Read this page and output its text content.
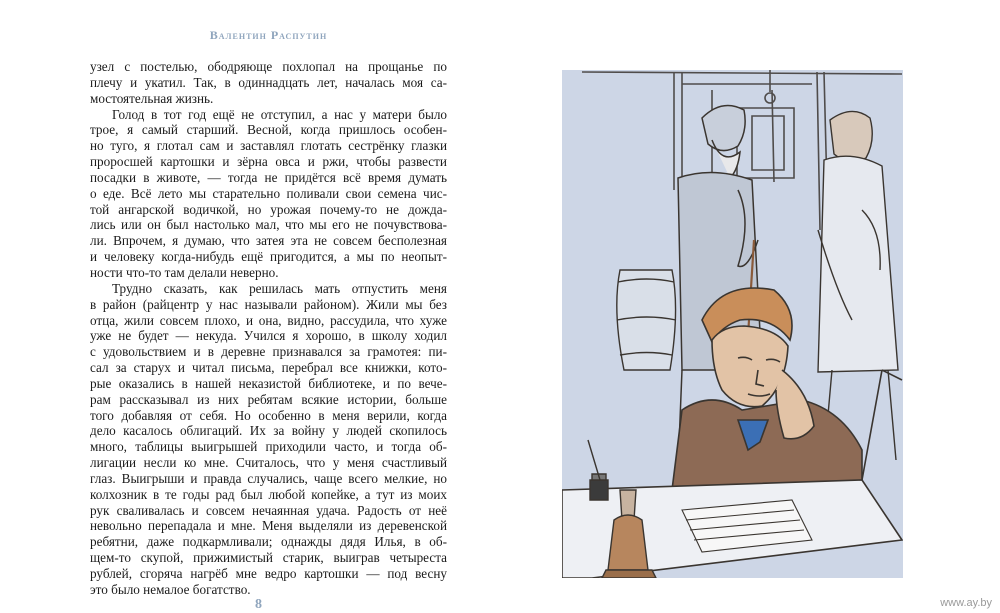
Валентин Распутин

узел с постелью, ободряюще похлопал на прощанье по
плечу и укатил. Так, в одиннадцать лет, началась моя са-
мостоятельная жизнь.

Голод в тот год ещё не отступил, а нас у матери было
трое, я самый старший. Весной, когда пришлось особен-
но туго, я глотал сам и заставлял глотать сестрёнку глазки
проросшей картошки и зёрна овса и ржи, чтобы развести
посадки в животе, — тогда не придётся всё время думать
о еде. Всё лето мы старательно поливали свои семена чис-
той ангарской водичкой, но урожая почему-то не дожда-
лись или он был настолько мал, что мы его не почувствова-
ли. Впрочем, я думаю, что затея эта не совсем бесполезная
и человеку когда-нибудь ещё пригодится, а мы по неопыт-
ности что-то там делали неверно.

Трудно сказать, как решилась мать отпустить меня
в район (райцентр у нас называли районом). Жили мы без
отца, жили совсем плохо, и она, видно, рассудила, что хуже
уже не будет — некуда. Учился я хорошо, в школу ходил
с удовольствием и в деревне признавался за грамотея: пи-
сал за старух и читал письма, перебрал все книжки, кото-
рые оказались в нашей неказистой библиотеке, и по вече-
рам рассказывал из них ребятам всякие истории, больше
того добавляя от себя. Но особенно в меня верили, когда
дело касалось облигаций. Их за войну у людей скопилось
много, таблицы выигрышей приходили часто, и тогда об-
лигации несли ко мне. Считалось, что у меня счастливый
глаз. Выигрыши и правда случались, чаще всего мелкие, но
колхозник в те годы рад был любой копейке, а тут из моих
рук сваливалась и совсем нечаянная удача. Радость от неё
невольно перепадала и мне. Меня выделяли из деревенской
ребятни, даже подкармливали; однажды дядя Илья, в об-
щем-то скупой, прижимистый старик, выиграв четыреста
рублей, сгоряча нагрёб мне ведро картошки — под весну
это было немалое богатство.

8	www.ay.by
